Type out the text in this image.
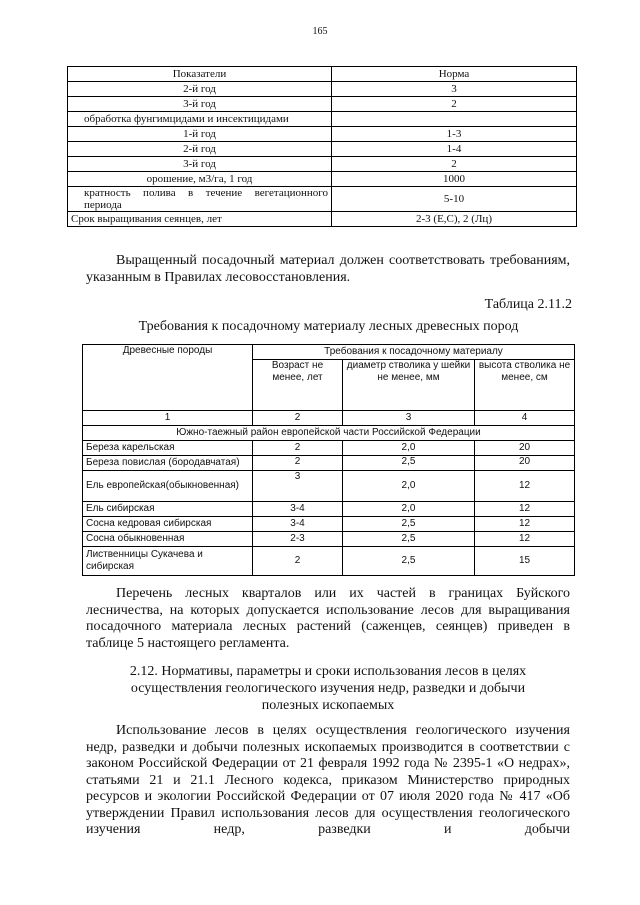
165
Показатели	Норма
2-й год	3
3-й год	2
обработка фунгимцидами и инсектицидами	
1-й год	1-3
2-й год	1-4
3-й год	2
орошение, м3/га, 1 год	1000
кратность полива в течение вегетационного периода	5-10
Срок выращивания сеянцев, лет	2-3 (Е,С), 2 (Лц)
Выращенный посадочный материал должен соответствовать требованиям, указанным в Правилах лесовосстановления.
Таблица 2.11.2
Требования к посадочному материалу лесных древесных пород
Древесные породы	Требования к посадочному материалу		
	Возраст не менее, лет	диаметр стволика у шейки не менее, мм	высота стволика не менее, см
1	2	3	4
Южно-таежный район европейской части Российской Федерации			
Береза карельская	2	2,0	20
Береза повислая (бородавчатая)	2	2,5	20
Ель европейская(обыкновенная)	3	2,0	12
Ель сибирская	3-4	2,0	12
Сосна кедровая сибирская	3-4	2,5	12
Сосна обыкновенная	2-3	2,5	12
Лиственницы Сукачева и сибирская	2	2,5	15
Перечень лесных кварталов или их частей в границах Буйского лесничества, на которых допускается использование лесов для выращивания посадочного материала лесных растений (саженцев, сеянцев) приведен в таблице 5 настоящего регламента.
2.12. Нормативы, параметры и сроки использования лесов в целях осуществления геологического изучения недр, разведки и добычи полезных ископаемых
Использование лесов в целях осуществления геологического изучения недр, разведки и добычи полезных ископаемых производится в соответствии с законом Российской Федерации от 21 февраля 1992 года № 2395-1 «О недрах», статьями 21 и 21.1 Лесного кодекса, приказом Министерство природных ресурсов и экологии Российской Федерации от 07 июля 2020 года № 417 «Об утверждении Правил использования лесов для осуществления геологического изучения недр, разведки и добычи
